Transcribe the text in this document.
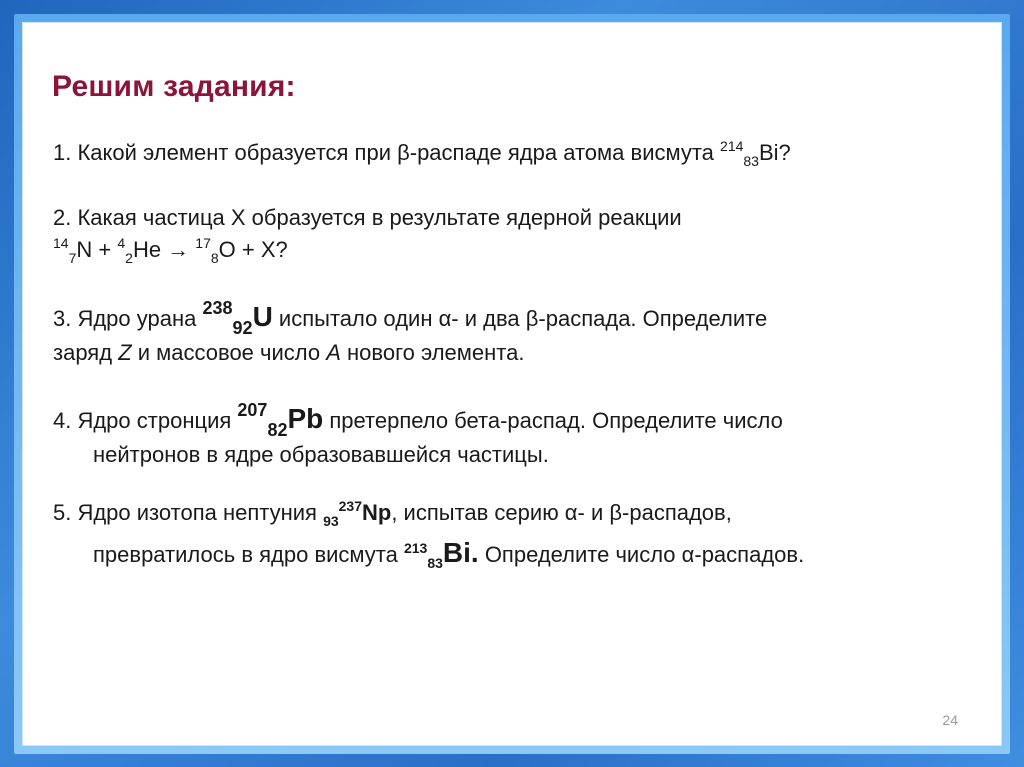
Решим задания:
1. Какой элемент образуется при β-распаде ядра атома висмута $^{214}_{83}$Bi?
2. Какая частица Х образуется в результате ядерной реакции
$^{14}_7$N + $^4_2$He → $^{17}_8$O + Х?
3. Ядро урана $^{238}_{92}$U испытало один α- и два β-распада. Определите
заряд Z и массовое число А нового элемента.
4. Ядро стронция $^{207}_{82}$Pb претерпело бета-распад. Определите число
нейтронов в ядре образовавшейся частицы.
5. Ядро изотопа нептуния $_{93}^{237}$Np, испытав серию α- и β-распадов,
превратилось в ядро висмута $^{213}_{83}$Bi. Определите число α-распадов.
24
